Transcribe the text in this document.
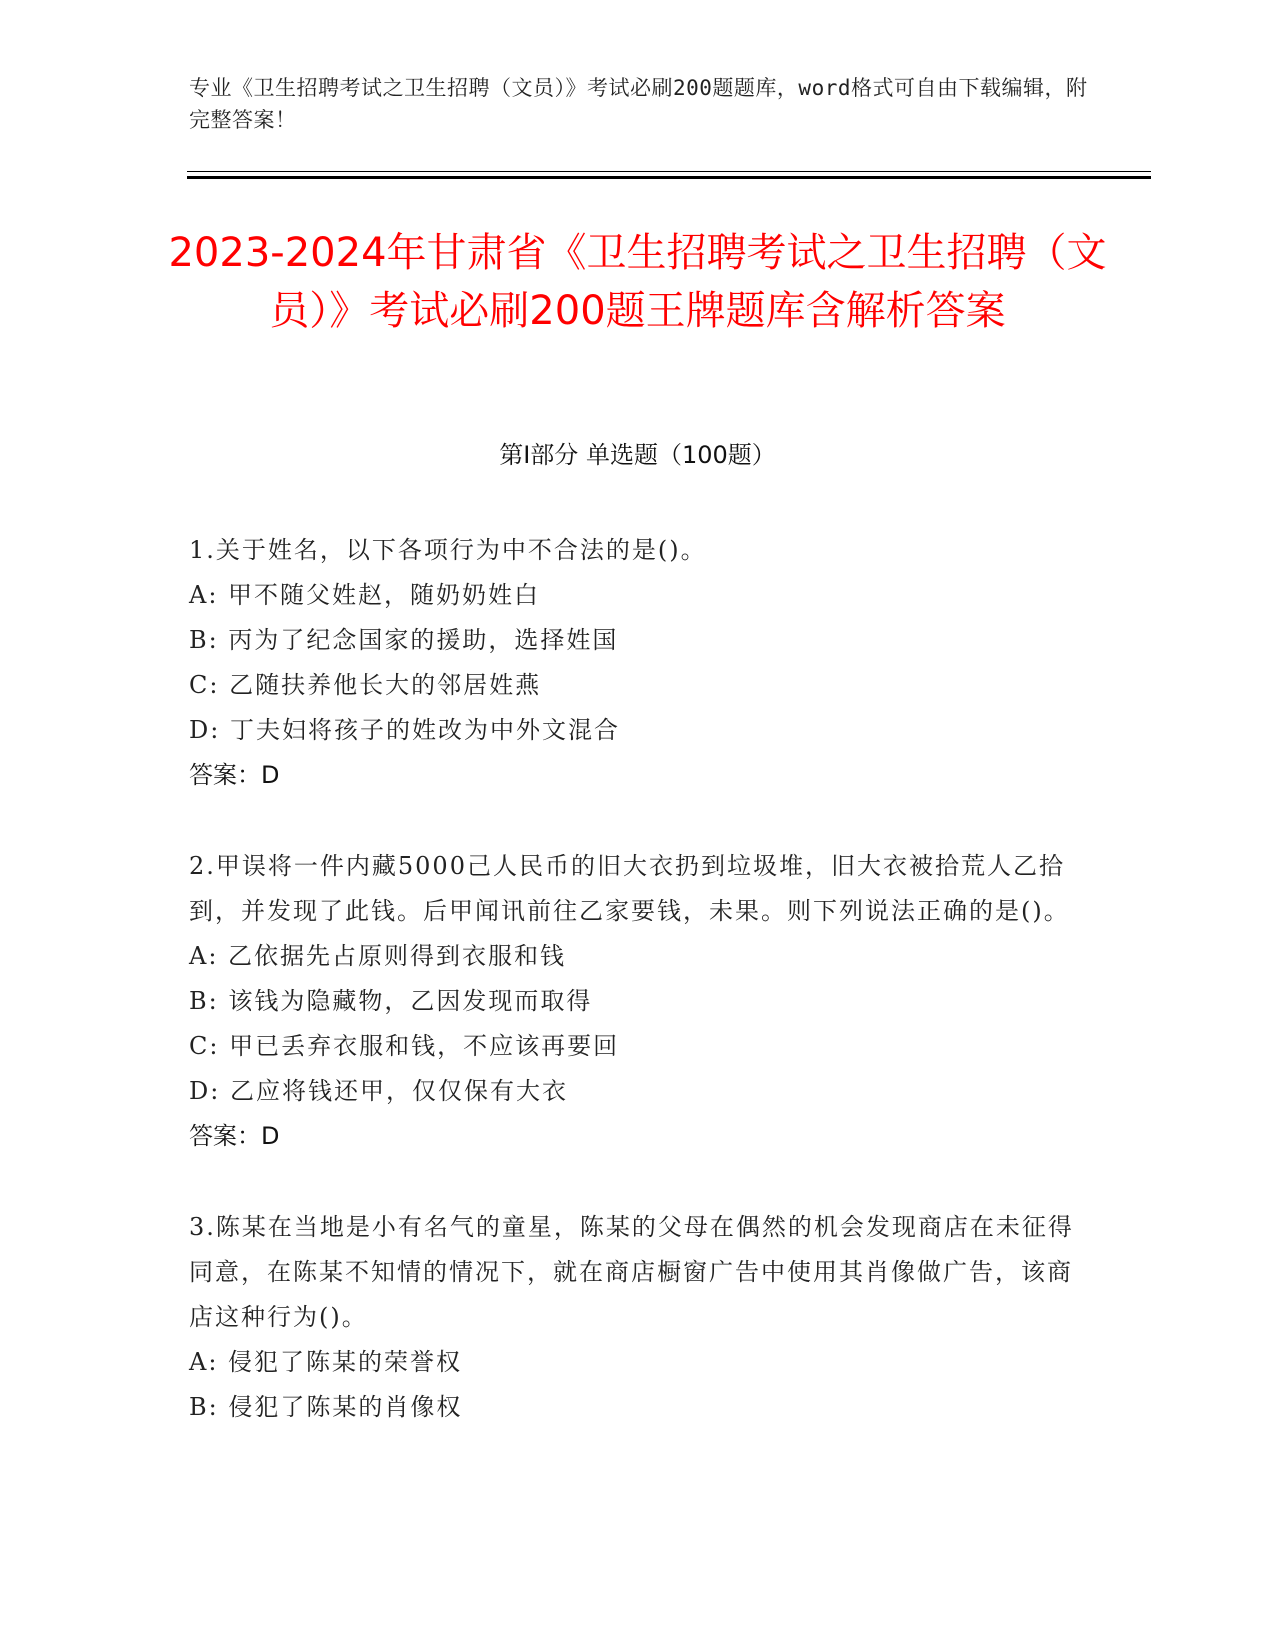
专业《卫生招聘考试之卫生招聘（文员）》考试必刷200题题库，word格式可自由下载编辑，附完整答案！
2023-2024年甘肃省《卫生招聘考试之卫生招聘（文员）》考试必刷200题王牌题库含解析答案
第Ⅰ部分 单选题（100题）
1.关于姓名，以下各项行为中不合法的是()。
A: 甲不随父姓赵，随奶奶姓白
B: 丙为了纪念国家的援助，选择姓国
C: 乙随扶养他长大的邻居姓燕
D: 丁夫妇将孩子的姓改为中外文混合
答案：D
2.甲误将一件内藏5000己人民币的旧大衣扔到垃圾堆，旧大衣被拾荒人乙拾到，并发现了此钱。后甲闻讯前往乙家要钱，未果。则下列说法正确的是()。
A: 乙依据先占原则得到衣服和钱
B: 该钱为隐藏物，乙因发现而取得
C: 甲已丢弃衣服和钱，不应该再要回
D: 乙应将钱还甲，仅仅保有大衣
答案：D
3.陈某在当地是小有名气的童星，陈某的父母在偶然的机会发现商店在未征得同意，在陈某不知情的情况下，就在商店橱窗广告中使用其肖像做广告，该商店这种行为()。
A: 侵犯了陈某的荣誉权
B: 侵犯了陈某的肖像权
